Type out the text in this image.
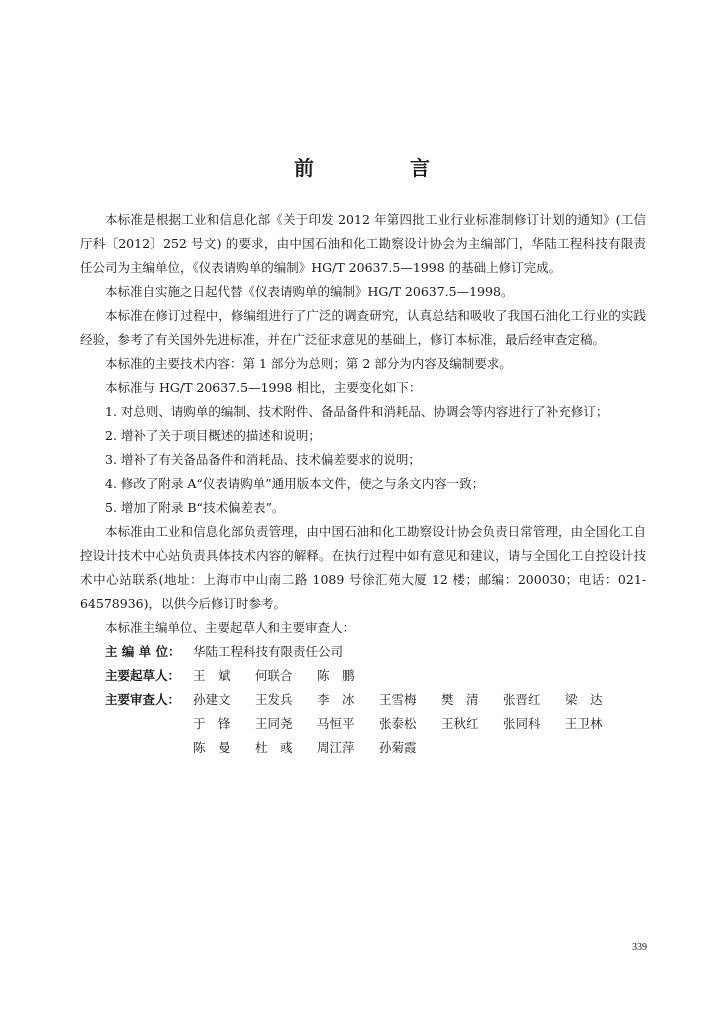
前　言

本标准是根据工业和信息化部《关于印发 2012 年第四批工业行业标准制修订计划的通知》(工信厅科〔2012〕252 号文) 的要求，由中国石油和化工勘察设计协会为主编部门，华陆工程科技有限责任公司为主编单位，《仪表请购单的编制》HG/T 20637.5—1998 的基础上修订完成。

本标准自实施之日起代替《仪表请购单的编制》HG/T 20637.5—1998。

本标准在修订过程中，修编组进行了广泛的调查研究，认真总结和吸收了我国石油化工行业的实践经验，参考了有关国外先进标准，并在广泛征求意见的基础上，修订本标准，最后经审查定稿。

本标准的主要技术内容：第 1 部分为总则；第 2 部分为内容及编制要求。

本标准与 HG/T 20637.5—1998 相比，主要变化如下：

1. 对总则、请购单的编制、技术附件、备品备件和消耗品、协调会等内容进行了补充修订；

2. 增补了关于项目概述的描述和说明；

3. 增补了有关备品备件和消耗品、技术偏差要求的说明；

4. 修改了附录 A“仪表请购单”通用版本文件，使之与条文内容一致；

5. 增加了附录 B“技术偏差表”。

本标准由工业和信息化部负责管理，由中国石油和化工勘察设计协会负责日常管理，由全国化工自控设计技术中心站负责具体技术内容的解释。在执行过程中如有意见和建议，请与全国化工自控设计技术中心站联系(地址：上海市中山南二路 1089 号徐汇苑大厦 12 楼；邮编：200030；电话：021-64578936)，以供今后修订时参考。

本标准主编单位、主要起草人和主要审查人：

主 编 单 位： 华陆工程科技有限责任公司
主要起草人：	王　斌	何联合	陈　鹏
主要审查人：	孙建文	王发兵	李　冰	王雪梅	樊　清	张晋红	梁　达
于　锋	王同尧	马恒平	张泰松	王秋红	张同科	王卫林
陈　曼	杜　彧	周江萍	孙菊霞
339
